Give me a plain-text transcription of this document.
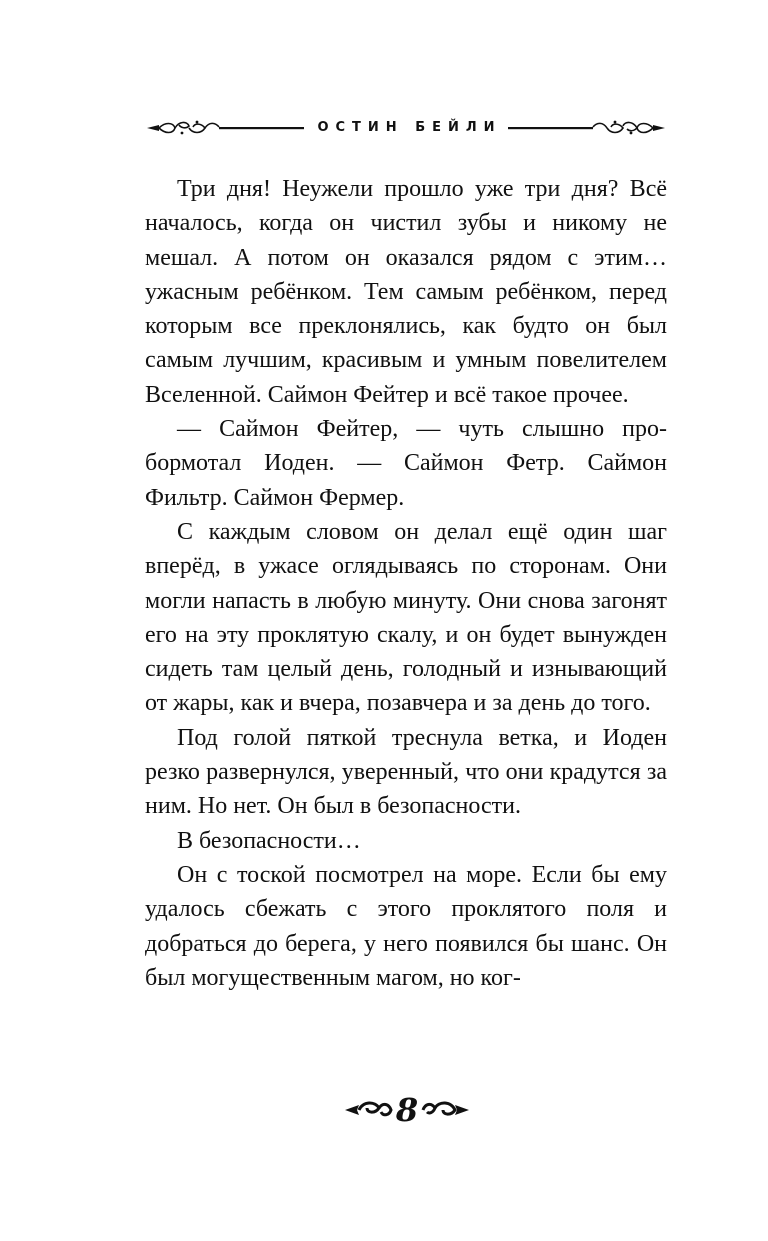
ОСТИН БЕЙЛИ

Три дня! Неужели прошло уже три дня? Всё началось, когда он чистил зубы и никому не мешал. А потом он оказался рядом с этим… ужасным ребёнком. Тем самым ребёнком, перед которым все преклонялись, как будто он был самым лучшим, красивым и умным повелителем Вселенной. Саймон Фейтер и всё такое прочее.

— Саймон Фейтер, — чуть слышно пробормотал Иоден. — Саймон Фетр. Саймон Фильтр. Саймон Фермер.

С каждым словом он делал ещё один шаг вперёд, в ужасе оглядываясь по сторонам. Они могли напасть в любую минуту. Они снова загонят его на эту проклятую скалу, и он будет вынужден сидеть там целый день, голодный и изнывающий от жары, как и вчера, позавчера и за день до того.

Под голой пяткой треснула ветка, и Иоден резко развернулся, уверенный, что они крадутся за ним. Но нет. Он был в безопасности.

В безопасности…

Он с тоской посмотрел на море. Если бы ему удалось сбежать с этого проклятого поля и добраться до берега, у него появился бы шанс. Он был могущественным магом, но ког-

8
